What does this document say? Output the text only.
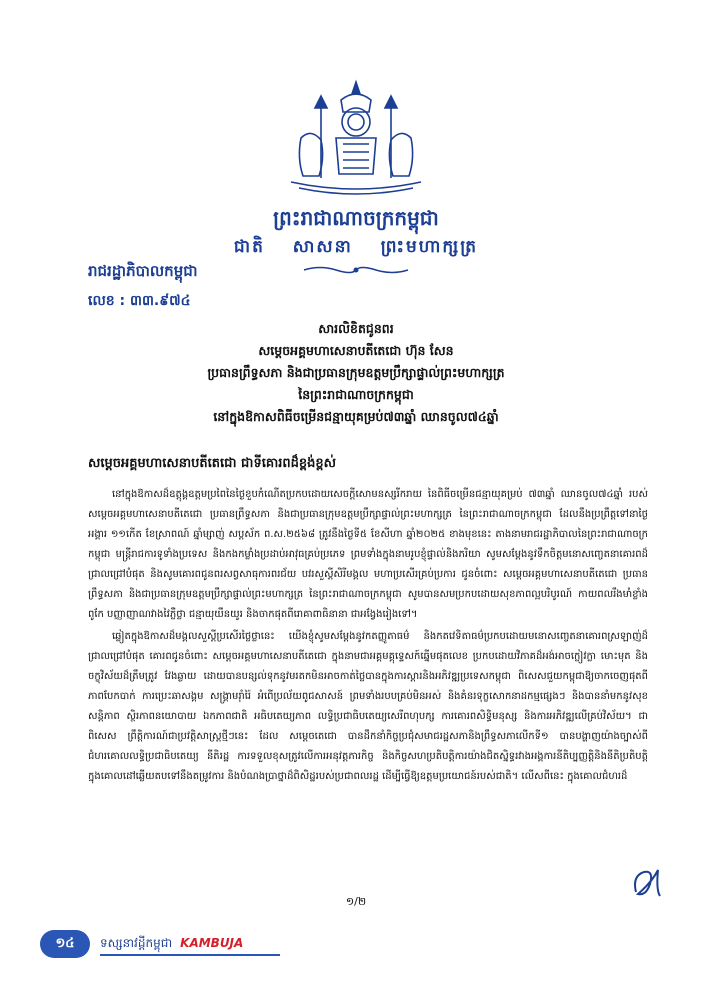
ព្រះរាជាណាចក្រកម្ពុជា
ជាតិ សាសនា ព្រះមហាក្សត្រ
រាជរដ្ឋាភិបាលកម្ពុជា
លេខ : ៣៣.៩៧៤
សារលិខិតជូនពរ
សម្ដេចអគ្គមហាសេនាបតីតេជោ ហ៊ុន សែន
ប្រធានព្រឹទ្ធសភា និងជាប្រធានក្រុមឧត្ដមប្រឹក្សាផ្ទាល់ព្រះមហាក្សត្រ
នៃព្រះរាជាណាចក្រកម្ពុជា
នៅក្នុងឱកាសពិធីចម្រើនជន្មាយុគម្រប់៧៣ឆ្នាំ ឈានចូល៧៤ឆ្នាំ
សម្ដេចអគ្គមហាសេនាបតីតេជោ ជាទីគោរពដ៏ខ្ពង់ខ្ពស់

នៅក្នុងឱកាសដ៏ឧត្ដុង្គឧត្ដមប្រពៃនៃថ្ងៃខួបកំណើតប្រកបដោយសេចក្ដីសោមនស្សរីករាយ នៃពិធីចម្រើនជន្មាយុគម្រប់ ៧៣ឆ្នាំ ឈានចូល៧៤ឆ្នាំ របស់សម្ដេចអគ្គមហាសេនាបតីតេជោ ប្រធានព្រឹទ្ធសភា និងជាប្រធានក្រុមឧត្ដមប្រឹក្សាផ្ទាល់ព្រះមហាក្សត្រ នៃព្រះរាជាណាចក្រកម្ពុជា ដែលនឹងប្រព្រឹត្តទៅនាថ្ងៃអង្គារ ១១កើត ខែស្រាពណ៍ ឆ្នាំម្សាញ់ សប្តស័ក ព.ស.២៥៦៨ ត្រូវនឹងថ្ងៃទី៥ ខែសីហា ឆ្នាំ២០២៥ ខាងមុខនេះ តាងនាមរាជរដ្ឋាភិបាលនៃព្រះរាជាណាចក្រកម្ពុជា មន្ត្រីរាជការទូទាំងប្រទេស និងកងកម្លាំងប្រដាប់អាវុធគ្រប់ប្រភេទ ព្រមទាំងក្នុងនាមរូបខ្ញុំផ្ទាល់និងភរិយា សូមសម្ដែងនូវទឹកចិត្តមនោសញ្ចេតនាគោរពដ៏ជ្រាលជ្រៅបំផុត និងសូមគោរពជូនពរសព្វសាធុការពរជ័យ បវរសួស្ដីសិរីមង្គល មហាប្រសើរគ្រប់ប្រការ ជូនចំពោះ សម្ដេចអគ្គមហាសេនាបតីតេជោ ប្រធានព្រឹទ្ធសភា និងជាប្រធានក្រុមឧត្ដមប្រឹក្សាផ្ទាល់ព្រះមហាក្សត្រ នៃព្រះរាជាណាចក្រកម្ពុជា សូមបានសមប្រកបដោយសុខភាពល្អបរិបូរណ៍ កាយពលរឹងមាំខ្លាំងពូកែ បញ្ញាញាណវាងវៃភ្លឺថ្លា ជន្មាយុយឺនយូរ និងចាកផុតពីរោគាពាធិនានា ជាអង្វែងរៀងទៅ។

ឆ្លៀតក្នុងឱកាសដ៏មង្គលសួស្ដីប្រសើរថ្លៃថ្លានេះ យើងខ្ញុំសូមសម្ដែងនូវកតញ្ញូតាធម៌ និងកតវេទិតាធម៌ប្រកបដោយមនោសញ្ចេតនាគោរពស្រឡាញ់ដ៏ជ្រាលជ្រៅបំផុត គោរពជូនចំពោះ សម្ដេចអគ្គមហាសេនាបតីតេជោ ក្នុងនាមជាអគ្គមគ្គុទ្ទេសក៍ឆ្នើមផុតលេខ ប្រកបដោយវិភាគដ៏អង់អាចក្លៀវក្លា មោះមុត និងចក្ខុវិស័យដ៏ត្រឹមត្រូវ វែងឆ្ងាយ ដោយបានបន្សល់ទុកនូវមរតកមិនអាចកាត់ថ្លៃបានក្នុងការស្ដារនិងអភិវឌ្ឍប្រទេសកម្ពុជា ពិសេសជួយកម្ពុជាឱ្យចាកចេញផុតពីភាពបែកបាក់ ការប្រេះឆាសង្គម សង្គ្រាមរ៉ាំរ៉ៃ អំពើប្រល័យពូជសាសន៍ ព្រមទាំងរបបគ្រប់មិនអស់ និងគំនរទុក្ខសោកនាដកម្មផ្សេងៗ និងបាននាំមកនូវសុខសន្តិភាព ស្ថិរភាពនយោបាយ ឯកភាពជាតិ អធិបតេយ្យភាព លទ្ធិប្រជាធិបតេយ្យសេរីពហុបក្ស ការគោរពសិទ្ធិមនុស្ស និងការអភិវឌ្ឍលើគ្រប់វិស័យ។ ជាពិសេស ព្រឹត្តិការណ៍ជាប្រវត្តិសាស្ត្រថ្មីៗនេះ ដែល សម្ដេចតេជោ បានដឹកនាំកិច្ចប្រជុំសមាជរដ្ឋសភានិងព្រឹទ្ធសភាលើកទី១ បានបង្ហាញយ៉ាងច្បាស់ពីជំហរគោលលទ្ធិប្រជាធិបតេយ្យ នីតិរដ្ឋ ការទទួលខុសត្រូវលើការអនុវត្តភារកិច្ច និងកិច្ចសហប្រតិបត្តិការយ៉ាងជិតស្និទ្ធរវាងអង្គការនីតិប្បញ្ញត្តិនិងនីតិប្រតិបត្តិ ក្នុងគោលដៅឆ្លើយតបទៅនឹងតម្រូវការ និងបំណងប្រាថ្នាដ៏ពិសិដ្ឋរបស់ប្រជាពលរដ្ឋ ដើម្បីធ្វើឱ្យឧត្តមប្រយោជន៍របស់ជាតិ។ លើសពីនេះ ក្នុងគោលជំហរដ៏

១/២
១៤	ទស្សនាវដ្ដីកម្ពុជា KAMBUJA
